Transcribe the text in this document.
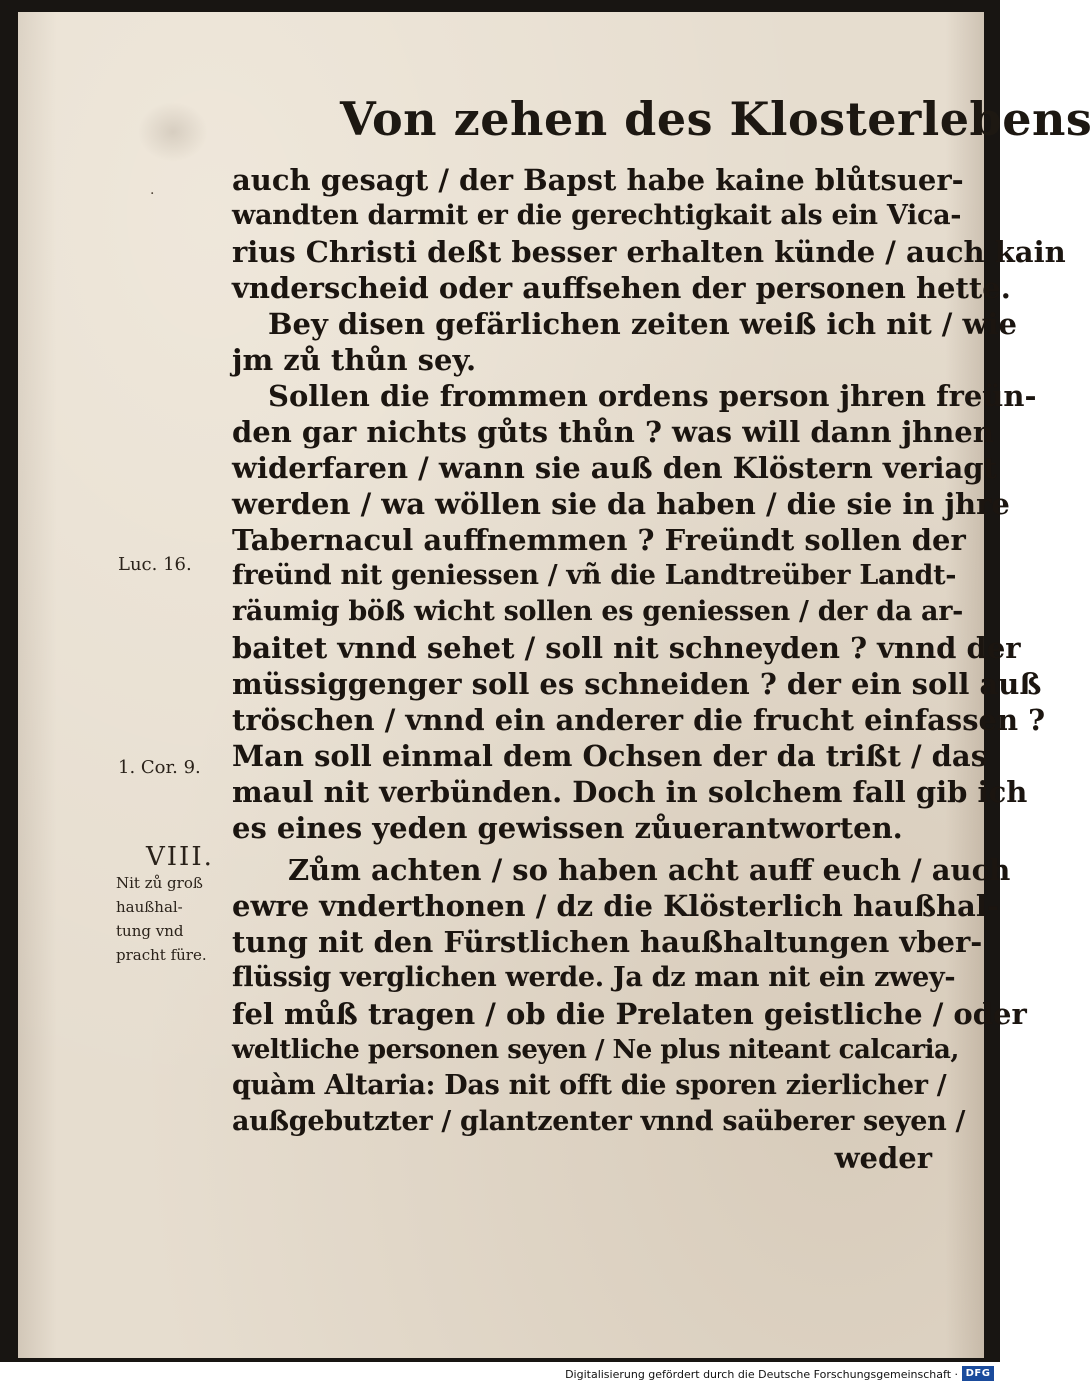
Von zehen des Klosterlebens
·	auch gesagt / der Bapst habe kaine blůtsuer-
wandten darmit er die gerechtigkait als ein Vica-
rius Christi deßt besser erhalten künde / auch kain
vnderscheid oder auffsehen der personen hette.
Bey disen gefärlichen zeiten weiß ich nit / wie
jm zů thůn sey.
Sollen die frommen ordens person jhren freün-
den gar nichts gůts thůn ? was will dann jhnen
widerfaren / wann sie auß den Klöstern veriagt
werden / wa wöllen sie da haben / die sie in jhre
Tabernacul auffnemmen ? Freündt sollen der
freünd nit geniessen / vñ die Landtreüber Landt-
räumig böß wicht sollen es geniessen / der da ar-
baitet vnnd sehet / soll nit schneyden ? vnnd der
müssiggenger soll es schneiden ? der ein soll auß
tröschen / vnnd ein anderer die frucht einfassen ?
Man soll einmal dem Ochsen der da trißt / das
maul nit verbünden. Doch in solchem fall gib ich
es eines yeden gewissen zůuerantworten.
Zům achten / so haben acht auff euch / auch
ewre vnderthonen / dz die Klösterlich haußhal-
tung nit den Fürstlichen haußhaltungen vber-
flüssig verglichen werde. Ja dz man nit ein zwey-
fel můß tragen / ob die Prelaten geistliche / oder
weltliche personen seyen / Ne plus niteant calcaria,
quàm Altaria: Das nit offt die sporen zierlicher /
außgebutzter / glantzenter vnnd saüberer seyen /
weder
Luc. 16.
1. Cor. 9.
VIII.
Nit zů groß
haußhal-
tung vnd
pracht füre.
Digitalisierung gefördert durch die Deutsche Forschungsgemeinschaft · DFG
